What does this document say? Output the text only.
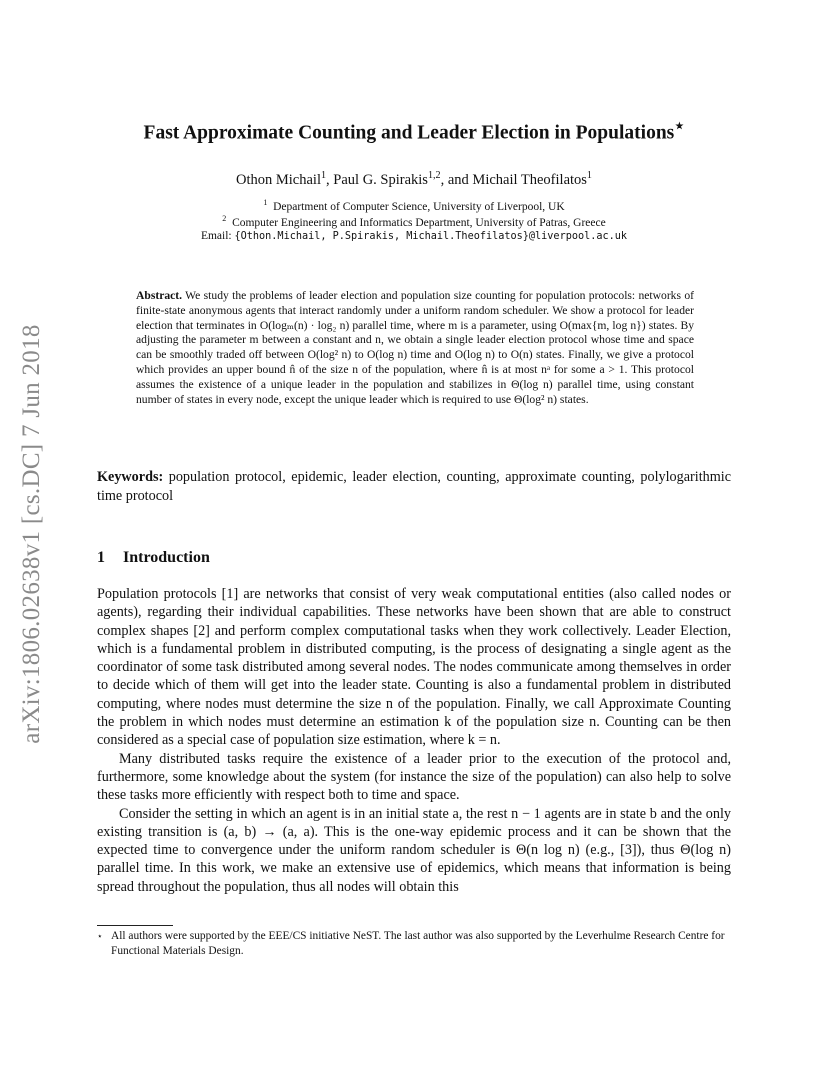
arXiv:1806.02638v1 [cs.DC] 7 Jun 2018
Fast Approximate Counting and Leader Election in Populations⋆
Othon Michail$^1$, Paul G. Spirakis$^{1,2}$, and Michail Theofilatos$^1$
$^1$ Department of Computer Science, University of Liverpool, UK
$^2$ Computer Engineering and Informatics Department, University of Patras, Greece
Email: {Othon.Michail, P.Spirakis, Michail.Theofilatos}@liverpool.ac.uk
Abstract. We study the problems of leader election and population size counting for population protocols: networks of finite-state anonymous agents that interact randomly under a uniform random scheduler. We show a protocol for leader election that terminates in O(logₘ(n) · log₂ n) parallel time, where m is a parameter, using O(max{m, log n}) states. By adjusting the parameter m between a constant and n, we obtain a single leader election protocol whose time and space can be smoothly traded off between O(log² n) to O(log n) time and O(log n) to O(n) states. Finally, we give a protocol which provides an upper bound n̂ of the size n of the population, where n̂ is at most nᵃ for some a > 1. This protocol assumes the existence of a unique leader in the population and stabilizes in Θ(log n) parallel time, using constant number of states in every node, except the unique leader which is required to use Θ(log² n) states.
Keywords: population protocol, epidemic, leader election, counting, approximate counting, polylogarithmic time protocol
1 Introduction

Population protocols [1] are networks that consist of very weak computational entities (also called nodes or agents), regarding their individual capabilities. These networks have been shown that are able to construct complex shapes [2] and perform complex computational tasks when they work collectively. Leader Election, which is a fundamental problem in distributed computing, is the process of designating a single agent as the coordinator of some task distributed among several nodes. The nodes communicate among themselves in order to decide which of them will get into the leader state. Counting is also a fundamental problem in distributed computing, where nodes must determine the size n of the population. Finally, we call Approximate Counting the problem in which nodes must determine an estimation k of the population size n. Counting can be then considered as a special case of population size estimation, where k = n.

Many distributed tasks require the existence of a leader prior to the execution of the protocol and, furthermore, some knowledge about the system (for instance the size of the population) can also help to solve these tasks more efficiently with respect both to time and space.

Consider the setting in which an agent is in an initial state a, the rest n − 1 agents are in state b and the only existing transition is (a, b) → (a, a). This is the one-way epidemic process and it can be shown that the expected time to convergence under the uniform random scheduler is Θ(n log n) (e.g., [3]), thus Θ(log n) parallel time. In this work, we make an extensive use of epidemics, which means that information is being spread throughout the population, thus all nodes will obtain this

⋆ All authors were supported by the EEE/CS initiative NeST. The last author was also supported by the Leverhulme Research Centre for Functional Materials Design.
